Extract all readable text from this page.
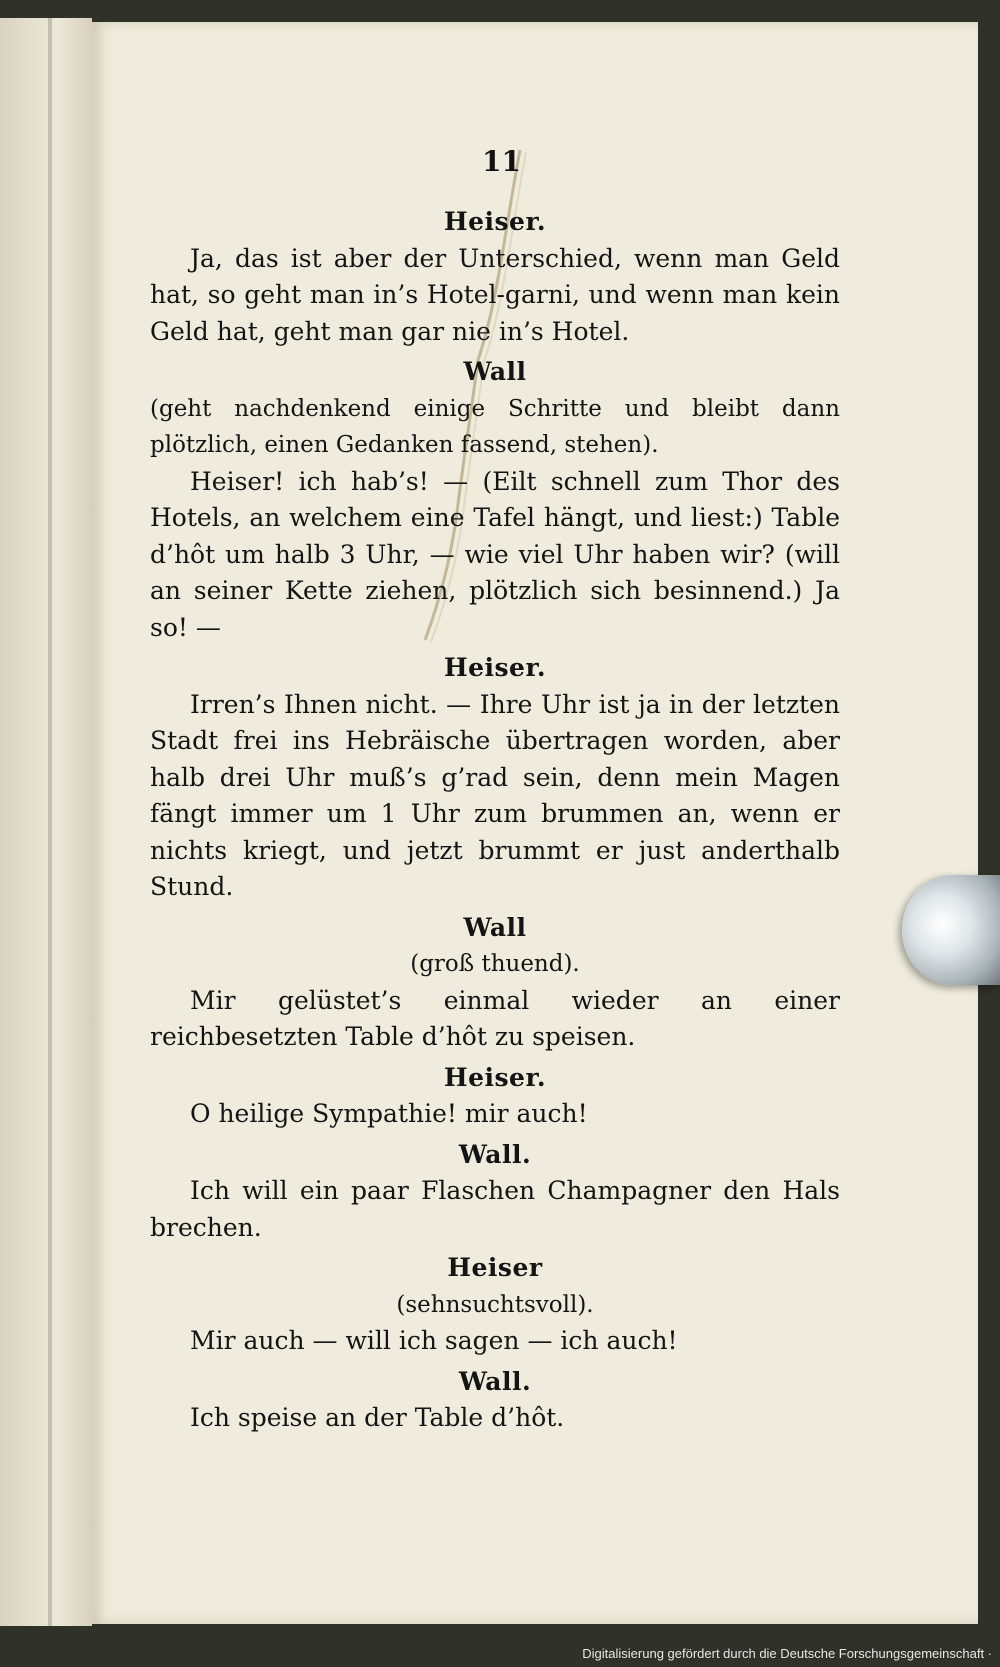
11
Heiser.

Ja, das ist aber der Unterschied, wenn man Geld hat, so geht man in’s Hotel-garni, und wenn man kein Geld hat, geht man gar nie in’s Hotel.

Wall

(geht nachdenkend einige Schritte und bleibt dann plötzlich, einen Gedanken fassend, stehen).

Heiser! ich hab’s! — (Eilt schnell zum Thor des Hotels, an welchem eine Tafel hängt, und liest:) Table d’hôt um halb 3 Uhr, — wie viel Uhr haben wir? (will an seiner Kette ziehen, plötzlich sich besinnend.) Ja so! —

Heiser.

Irren’s Ihnen nicht. — Ihre Uhr ist ja in der letzten Stadt frei ins Hebräische übertragen worden, aber halb drei Uhr muß’s g’rad sein, denn mein Magen fängt immer um 1 Uhr zum brummen an, wenn er nichts kriegt, und jetzt brummt er just anderthalb Stund.

Wall

(groß thuend).

Mir gelüstet’s einmal wieder an einer reichbesetzten Table d’hôt zu speisen.

Heiser.

O heilige Sympathie! mir auch!

Wall.

Ich will ein paar Flaschen Champagner den Hals brechen.

Heiser

(sehnsuchtsvoll).

Mir auch — will ich sagen — ich auch!

Wall.

Ich speise an der Table d’hôt.

Digitalisierung gefördert durch die Deutsche Forschungsgemeinschaft ·
